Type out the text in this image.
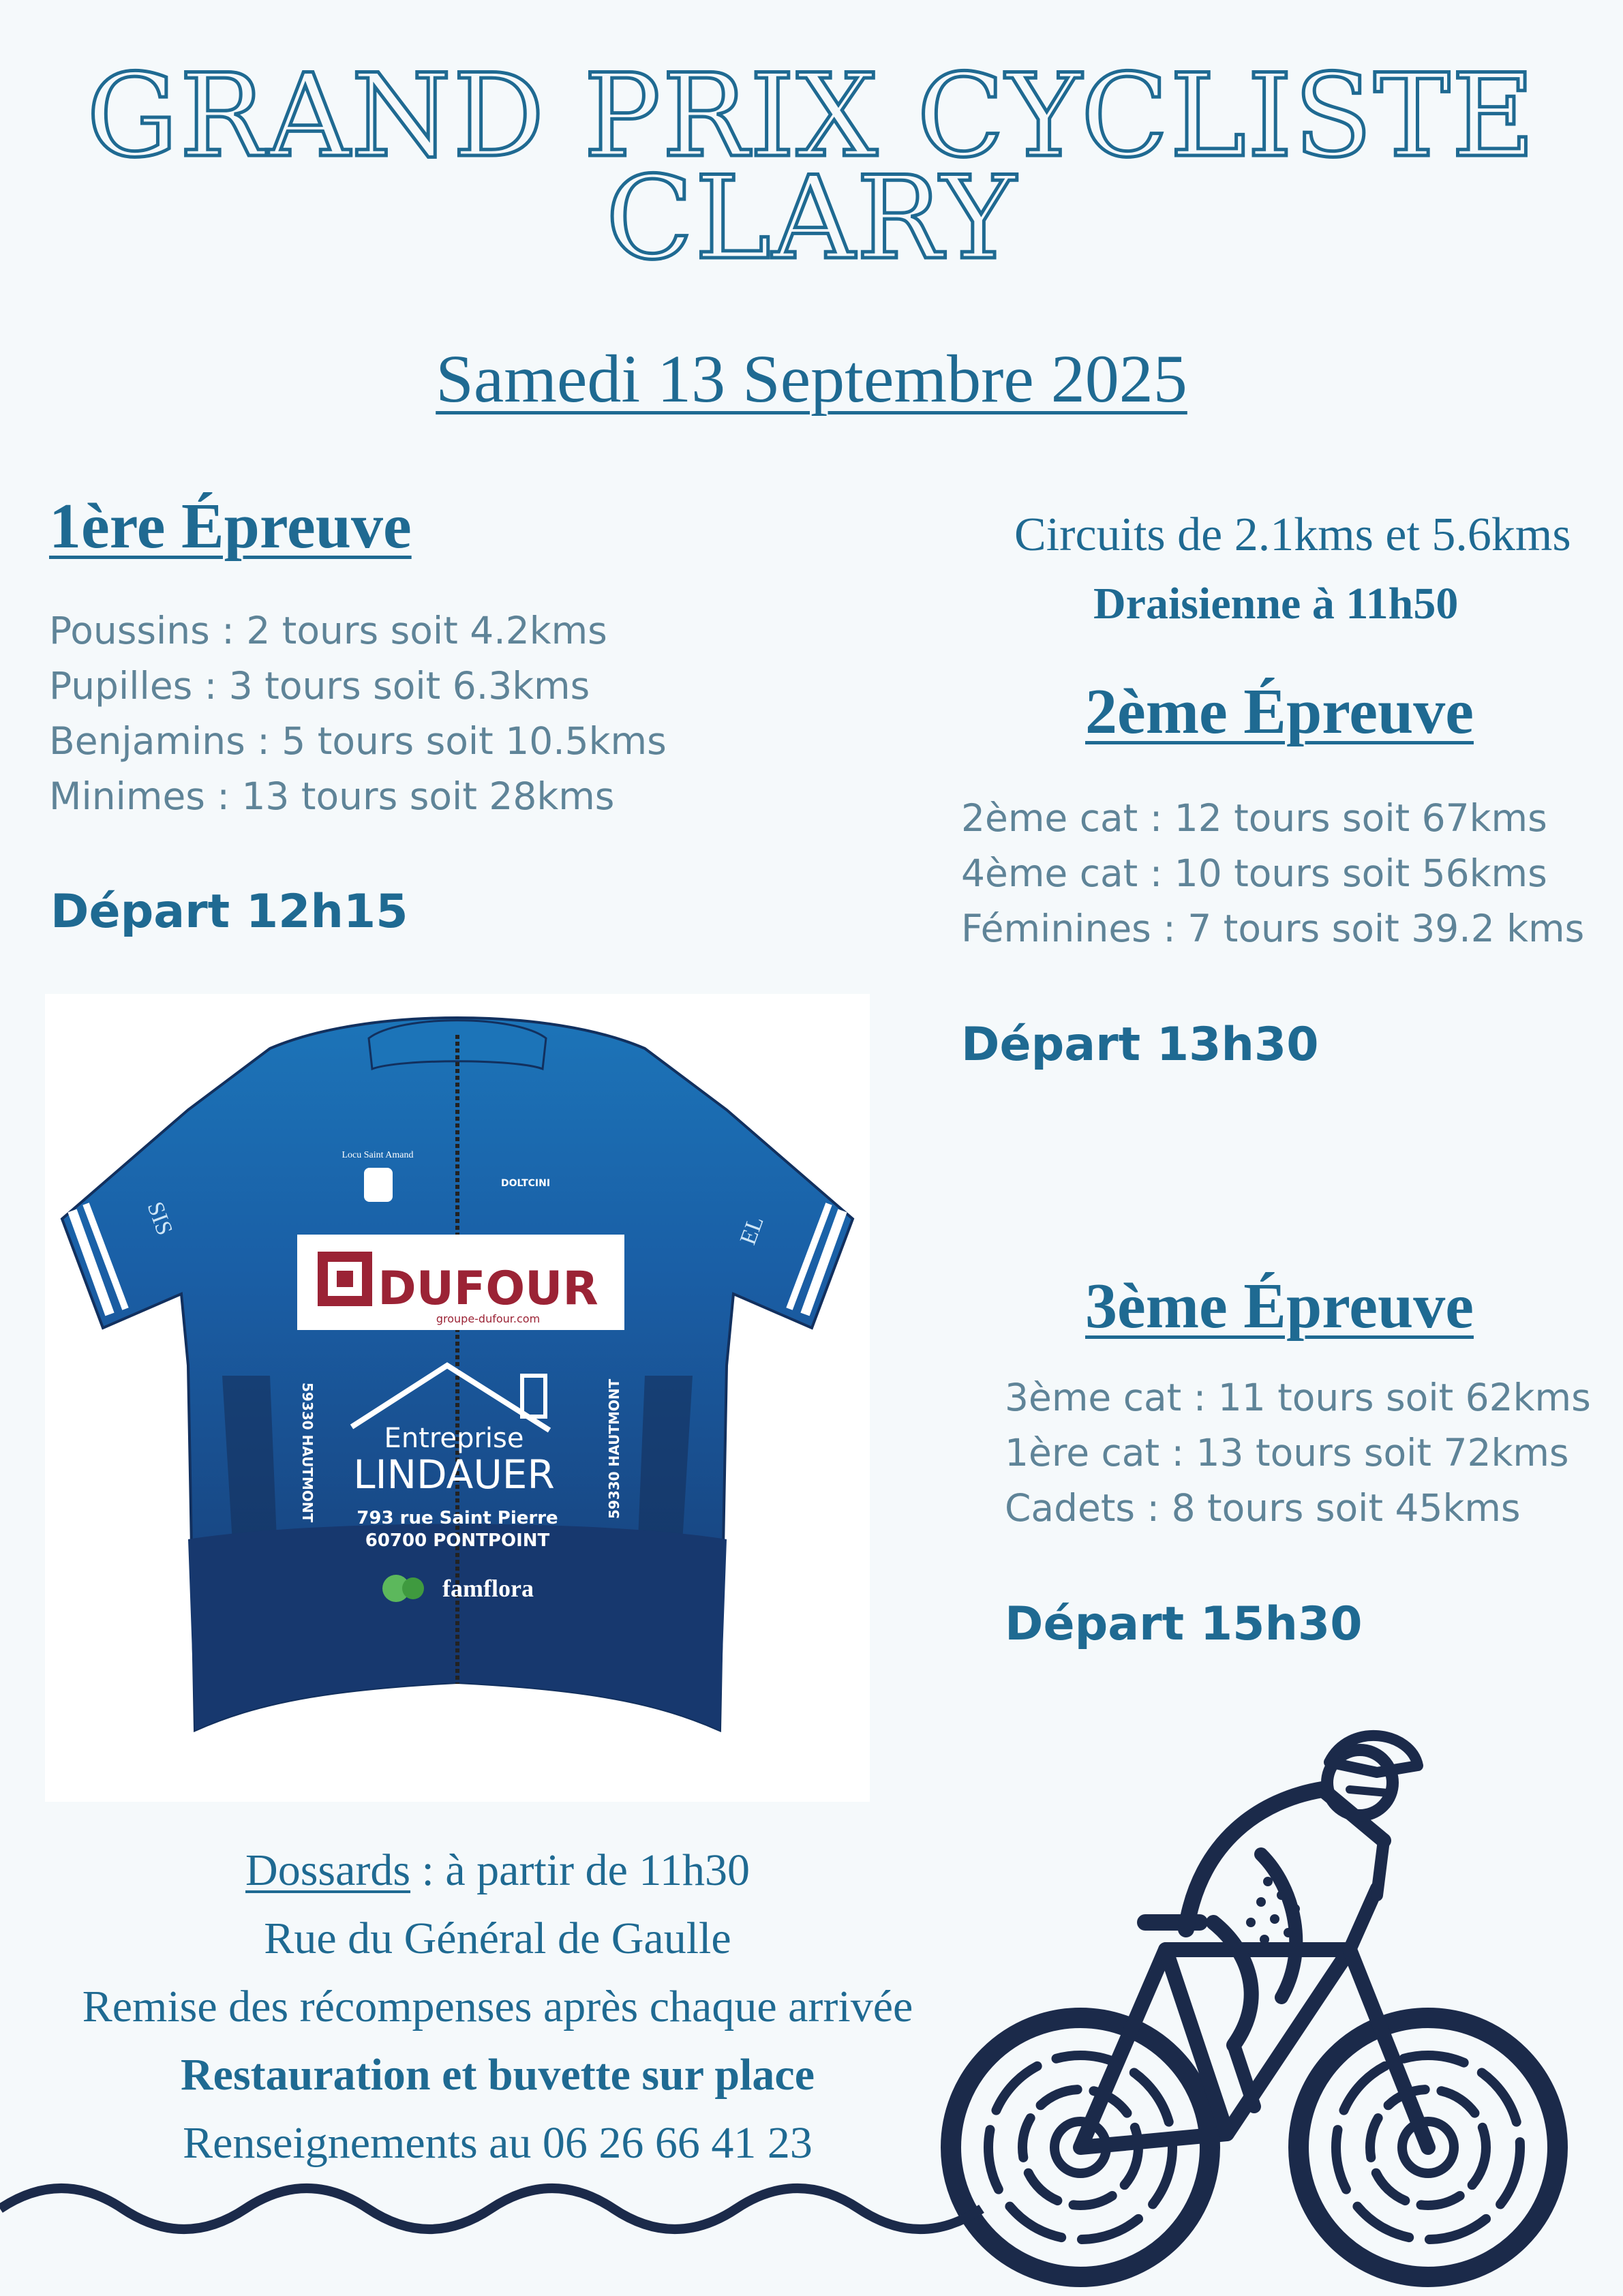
GRAND PRIX CYCLISTE
CLARY
Samedi 13 Septembre 2025
1ère Épreuve
Poussins : 2 tours soit 4.2kms
Pupilles : 3 tours soit 6.3kms
Benjamins : 5 tours soit 10.5kms
Minimes : 13 tours soit 28kms
Départ 12h15
Circuits de 2.1kms et 5.6kms
Draisienne à 11h50
2ème Épreuve
2ème cat : 12 tours soit 67kms
4ème cat : 10 tours soit 56kms
Féminines : 7 tours soit 39.2 kms
Départ 13h30
3ème Épreuve
3ème cat : 11 tours soit 62kms
1ère cat : 13 tours soit 72kms
Cadets : 8 tours soit 45kms
Départ 15h30
Locu Saint Amand
DOLTCINI
DUFOUR
groupe-dufour.com
Entreprise
LINDAUER
793 rue Saint Pierre
60700 PONTPOINT
famflora
59330 HAUTMONT	59330 HAUTMONT
SIS	EL
Dossards : à partir de 11h30
Rue du Général de Gaulle
Remise des récompenses après chaque arrivée
Restauration et buvette sur place
Renseignements au 06 26 66 41 23
